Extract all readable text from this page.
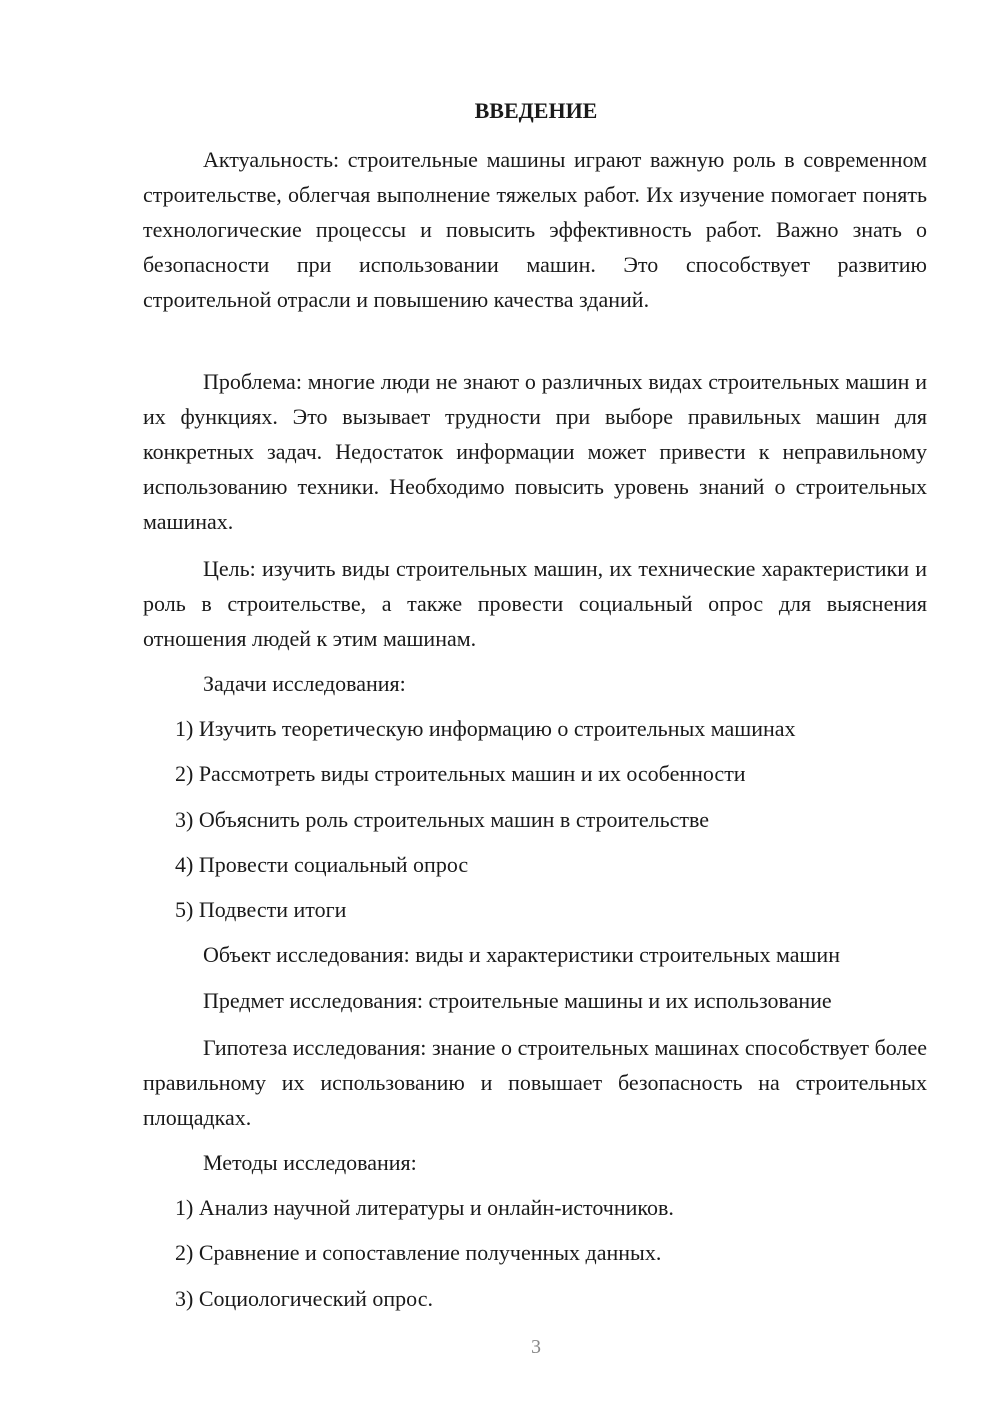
ВВЕДЕНИЕ

Актуальность: строительные машины играют важную роль в современном строительстве, облегчая выполнение тяжелых работ. Их изучение помогает понять технологические процессы и повысить эффективность работ. Важно знать о безопасности при использовании машин. Это способствует развитию строительной отрасли и повышению качества зданий.

Проблема: многие люди не знают о различных видах строительных машин и их функциях. Это вызывает трудности при выборе правильных машин для конкретных задач. Недостаток информации может привести к неправильному использованию техники. Необходимо повысить уровень знаний о строительных машинах.

Цель: изучить виды строительных машин, их технические характеристики и роль в строительстве, а также провести социальный опрос для выяснения отношения людей к этим машинам.

Задачи исследования:
1) Изучить теоретическую информацию о строительных машинах
2) Рассмотреть виды строительных машин и их особенности
3) Объяснить роль строительных машин в строительстве
4) Провести социальный опрос
5) Подвести итоги
Объект исследования: виды и характеристики строительных машин
Предмет исследования: строительные машины и их использование

Гипотеза исследования: знание о строительных машинах способствует более правильному их использованию и повышает безопасность на строительных площадках.

Методы исследования:
1) Анализ научной литературы и онлайн-источников.
2) Сравнение и сопоставление полученных данных.
3) Социологический опрос.
3
